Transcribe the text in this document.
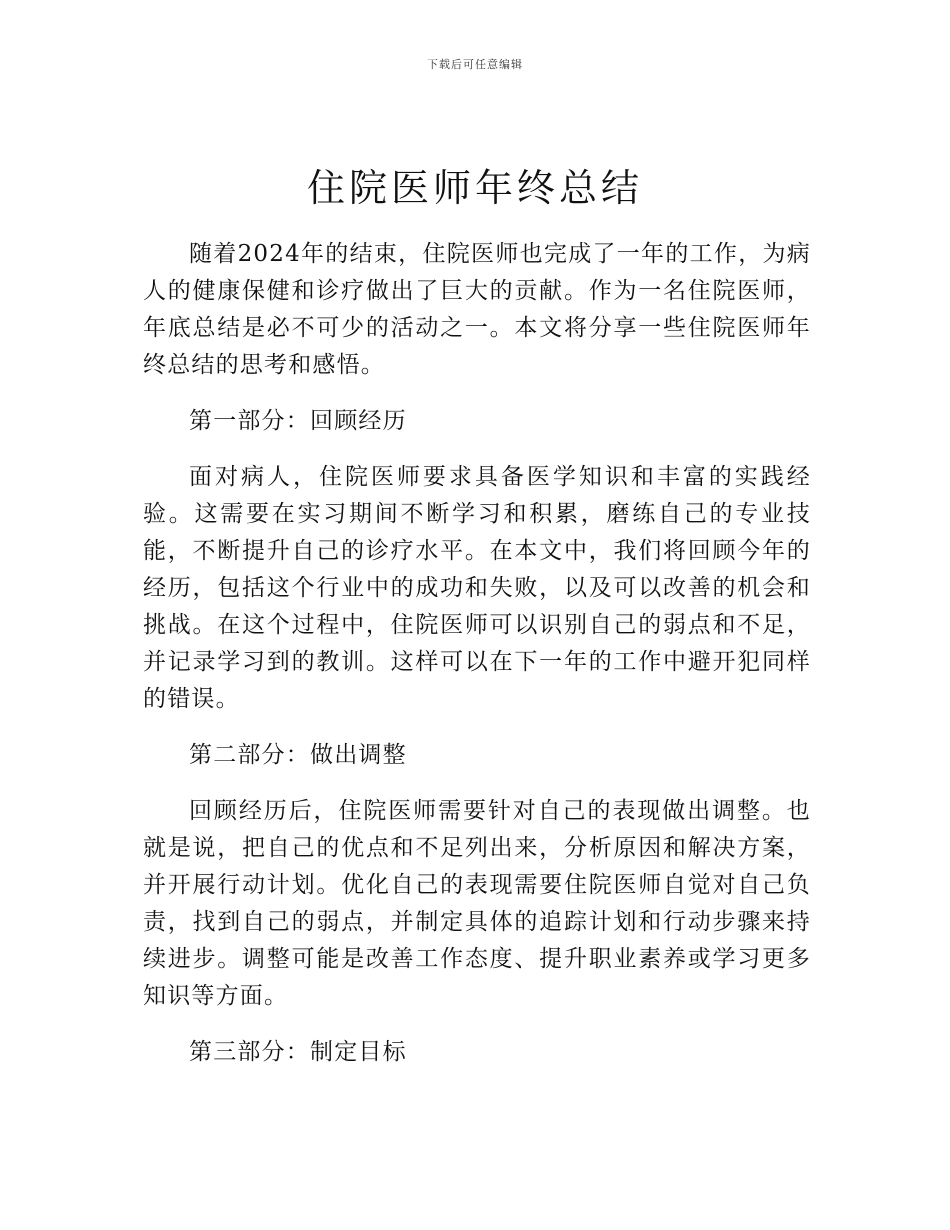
下载后可任意编辑
住院医师年终总结

随着2024年的结束，住院医师也完成了一年的工作，为病人的健康保健和诊疗做出了巨大的贡献。作为一名住院医师，年底总结是必不可少的活动之一。本文将分享一些住院医师年终总结的思考和感悟。

第一部分：回顾经历

面对病人，住院医师要求具备医学知识和丰富的实践经验。这需要在实习期间不断学习和积累，磨练自己的专业技能，不断提升自己的诊疗水平。在本文中，我们将回顾今年的经历，包括这个行业中的成功和失败，以及可以改善的机会和挑战。在这个过程中，住院医师可以识别自己的弱点和不足，并记录学习到的教训。这样可以在下一年的工作中避开犯同样的错误。

第二部分：做出调整

回顾经历后，住院医师需要针对自己的表现做出调整。也就是说，把自己的优点和不足列出来，分析原因和解决方案，并开展行动计划。优化自己的表现需要住院医师自觉对自己负责，找到自己的弱点，并制定具体的追踪计划和行动步骤来持续进步。调整可能是改善工作态度、提升职业素养或学习更多知识等方面。

第三部分：制定目标
